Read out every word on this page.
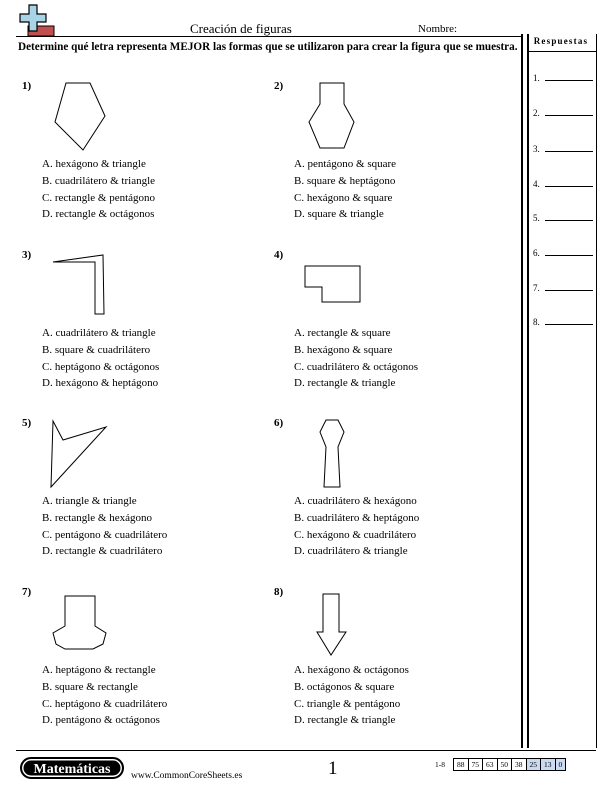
Creación de figuras	Nombre:
Determine qué letra representa MEJOR las formas que se utilizaron para crear la figura que se muestra.	Respuestas
1.
2.
3.
4.
5.
6.
7.
8.
1)
A. hexágono & triangle
B. cuadrilátero & triangle
C. rectangle & pentágono
D. rectangle & octágonos
2)
A. pentágono & square
B. square & heptágono
C. hexágono & square
D. square & triangle
3)
A. cuadrilátero & triangle
B. square & cuadrilátero
C. heptágono & octágonos
D. hexágono & heptágono
4)
A. rectangle & square
B. hexágono & square
C. cuadrilátero & octágonos
D. rectangle & triangle
5)
A. triangle & triangle
B. rectangle & hexágono
C. pentágono & cuadrilátero
D. rectangle & cuadrilátero
6)
A. cuadrilátero & hexágono
B. cuadrilátero & heptágono
C. hexágono & cuadrilátero
D. cuadrilátero & triangle
7)
A. heptágono & rectangle
B. square & rectangle
C. heptágono & cuadrilátero
D. pentágono & octágonos
8)
A. hexágono & octágonos
B. octágonos & square
C. triangle & pentágono
D. rectangle & triangle
Matemáticas	www.CommonCoreSheets.es	1	1-8	88	75	63	50	38	25	13	0
